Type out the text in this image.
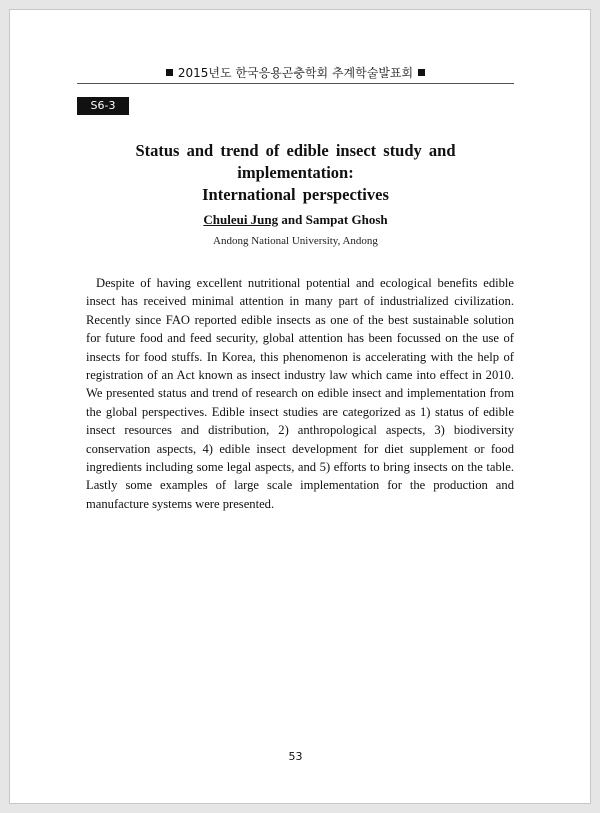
2015년도 한국응용곤충학회 추계학술발표회
S6-3
Status and trend of edible insect study and implementation:
International perspectives
Chuleui Jung and Sampat Ghosh
Andong National University, Andong

Despite of having excellent nutritional potential and ecological benefits edible insect has received minimal attention in many part of industrialized civilization. Recently since FAO reported edible insects as one of the best sustainable solution for future food and feed security, global attention has been focussed on the use of insects for food stuffs. In Korea, this phenomenon is accelerating with the help of registration of an Act known as insect industry law which came into effect in 2010. We presented status and trend of research on edible insect and implementation from the global perspectives. Edible insect studies are categorized as 1) status of edible insect resources and distribution, 2) anthropological aspects, 3) biodiversity conservation aspects, 4) edible insect development for diet supplement or food ingredients including some legal aspects, and 5) efforts to bring insects on the table. Lastly some examples of large scale implementation for the production and manufacture systems were presented.

53
